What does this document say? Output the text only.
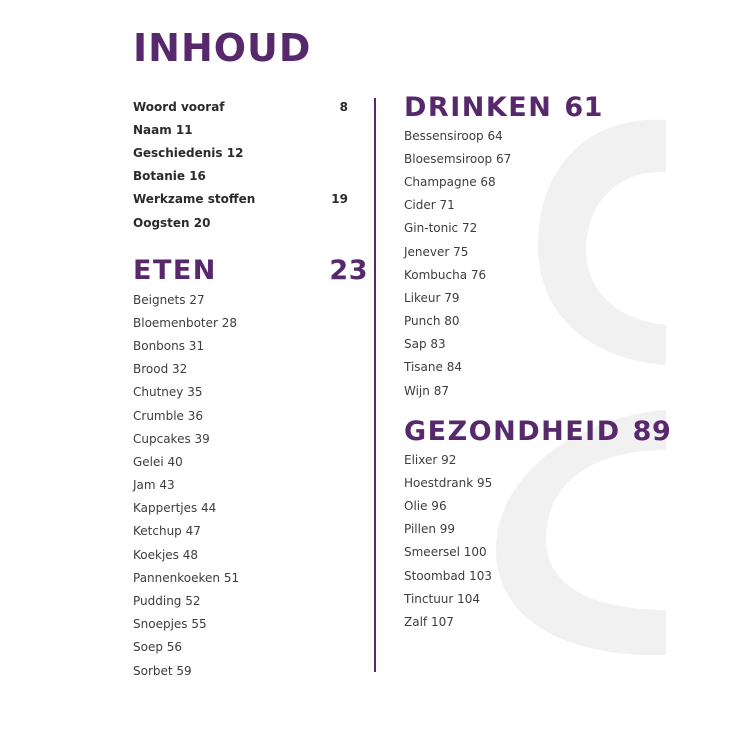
INHOUD
Woord vooraf	8
Naam 11
Geschiedenis 12
Botanie 16
Werkzame stoffen	19
Oogsten 20
ETEN	23
Beignets 27
Bloemenboter 28
Bonbons 31
Brood 32
Chutney 35
Crumble 36
Cupcakes 39
Gelei 40
Jam 43
Kappertjes 44
Ketchup 47
Koekjes 48
Pannenkoeken 51
Pudding 52
Snoepjes 55
Soep 56
Sorbet 59
DRINKEN 61
Bessensiroop 64
Bloesemsiroop 67
Champagne 68
Cider 71
Gin-tonic 72
Jenever 75
Kombucha 76
Likeur 79
Punch 80
Sap 83
Tisane 84
Wijn 87
GEZONDHEID 89
Elixer 92
Hoestdrank 95
Olie 96
Pillen 99
Smeersel 100
Stoombad 103
Tinctuur 104
Zalf 107
